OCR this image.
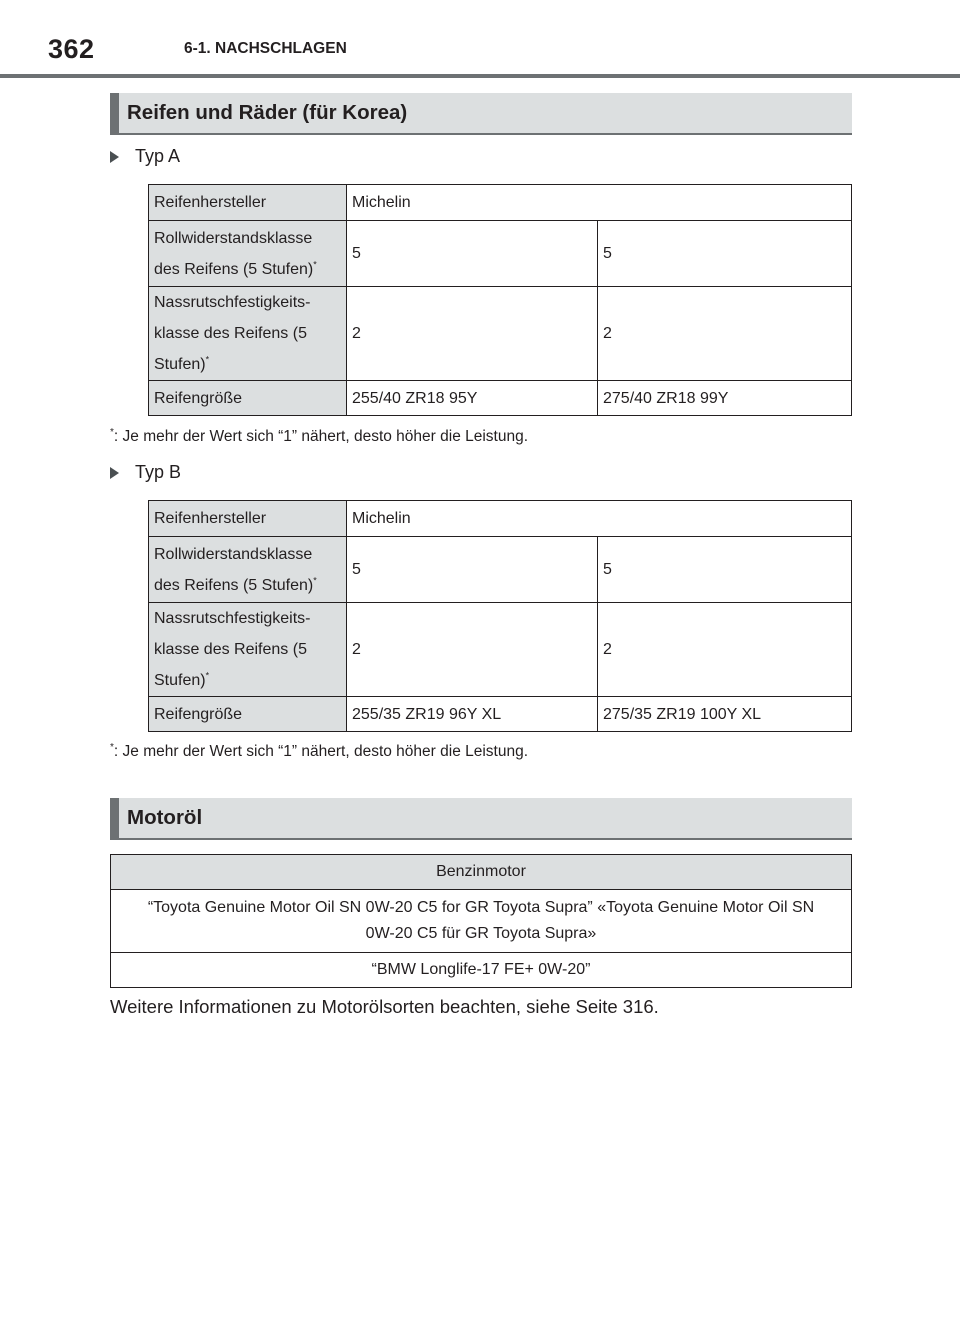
362	6-1. NACHSCHLAGEN
Reifen und Räder (für Korea)
Typ A
Reifenhersteller	Michelin	
Rollwiderstandsklasse
des Reifens (5 Stufen)*	5	5
Nassrutschfestigkeits-
klasse des Reifens (5
Stufen)*	2	2
Reifengröße	255/40 ZR18 95Y	275/40 ZR18 99Y
*: Je mehr der Wert sich “1” nähert, desto höher die Leistung.
Typ B
Reifenhersteller	Michelin	
Rollwiderstandsklasse
des Reifens (5 Stufen)*	5	5
Nassrutschfestigkeits-
klasse des Reifens (5
Stufen)*	2	2
Reifengröße	255/35 ZR19 96Y XL	275/35 ZR19 100Y XL
*: Je mehr der Wert sich “1” nähert, desto höher die Leistung.
Motoröl
Benzinmotor
“Toyota Genuine Motor Oil SN 0W-20 C5 for GR Toyota Supra” «Toyota Genuine Motor Oil SN
0W-20 C5 für GR Toyota Supra»
“BMW Longlife-17 FE+ 0W-20”
Weitere Informationen zu Motorölsorten beachten, siehe Seite 316.
